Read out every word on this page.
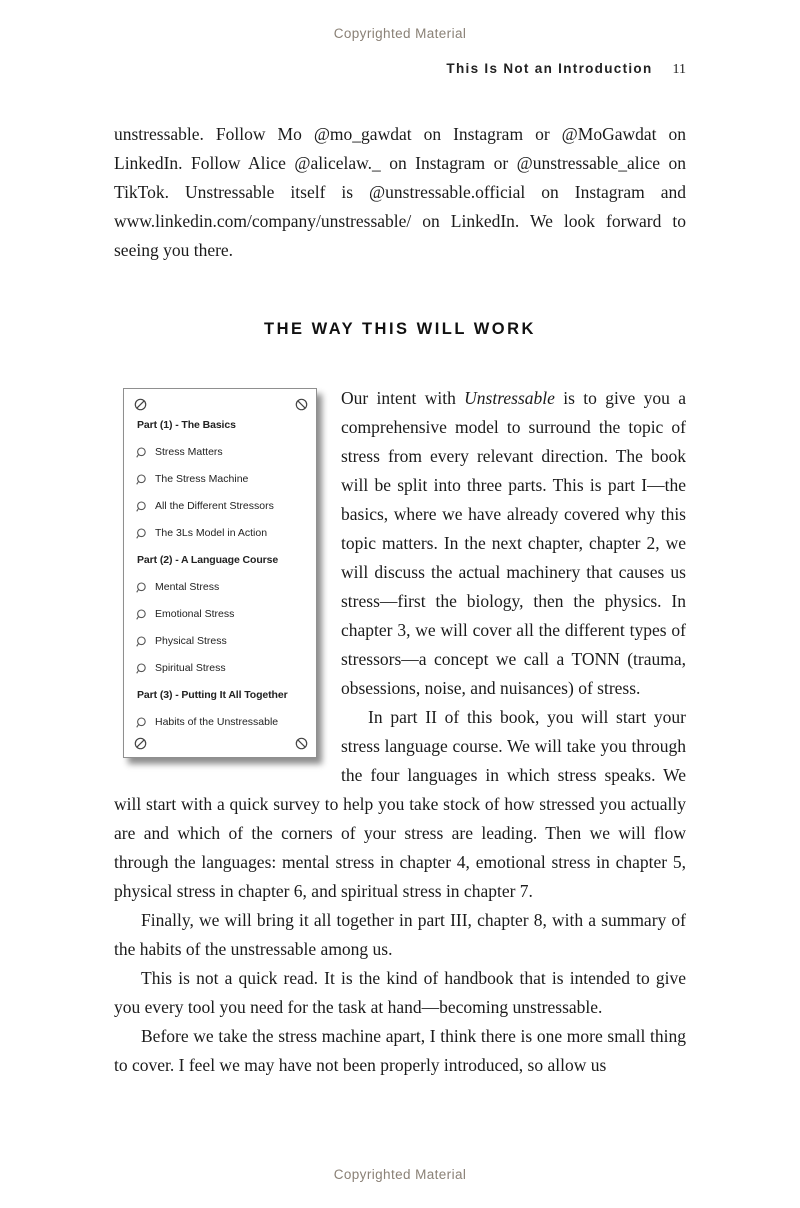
Copyrighted Material
This Is Not an Introduction 11

unstressable. Follow Mo @mo_gawdat on Instagram or @MoGawdat on LinkedIn. Follow Alice @alicelaw._ on Instagram or @unstressable_alice on TikTok. Unstressable itself is @unstressable.official on Instagram and www.linkedin.com/company/unstressable/ on LinkedIn. We look forward to seeing you there.

THE WAY THIS WILL WORK
Part (1) - The Basics
Stress Matters
The Stress Machine
All the Different Stressors
The 3Ls Model in Action
Part (2) - A Language Course
Mental Stress
Emotional Stress
Physical Stress
Spiritual Stress
Part (3) - Putting It All Together
Habits of the Unstressable

Our intent with Unstressable is to give you a comprehensive model to surround the topic of stress from every relevant direction. The book will be split into three parts. This is part I—the basics, where we have already covered why this topic matters. In the next chapter, chapter 2, we will discuss the actual machinery that causes us stress—first the biology, then the physics. In chapter 3, we will cover all the different types of stressors—a concept we call a TONN (trauma, obsessions, noise, and nuisances) of stress.

In part II of this book, you will start your stress language course. We will take you through the four languages in which stress speaks. We will start with a quick survey to help you take stock of how stressed you actually are and which of the corners of your stress are leading. Then we will flow through the languages: mental stress in chapter 4, emotional stress in chapter 5, physical stress in chapter 6, and spiritual stress in chapter 7.

Finally, we will bring it all together in part III, chapter 8, with a summary of the habits of the unstressable among us.

This is not a quick read. It is the kind of handbook that is intended to give you every tool you need for the task at hand—becoming unstressable.

Before we take the stress machine apart, I think there is one more small thing to cover. I feel we may have not been properly introduced, so allow us

Copyrighted Material
